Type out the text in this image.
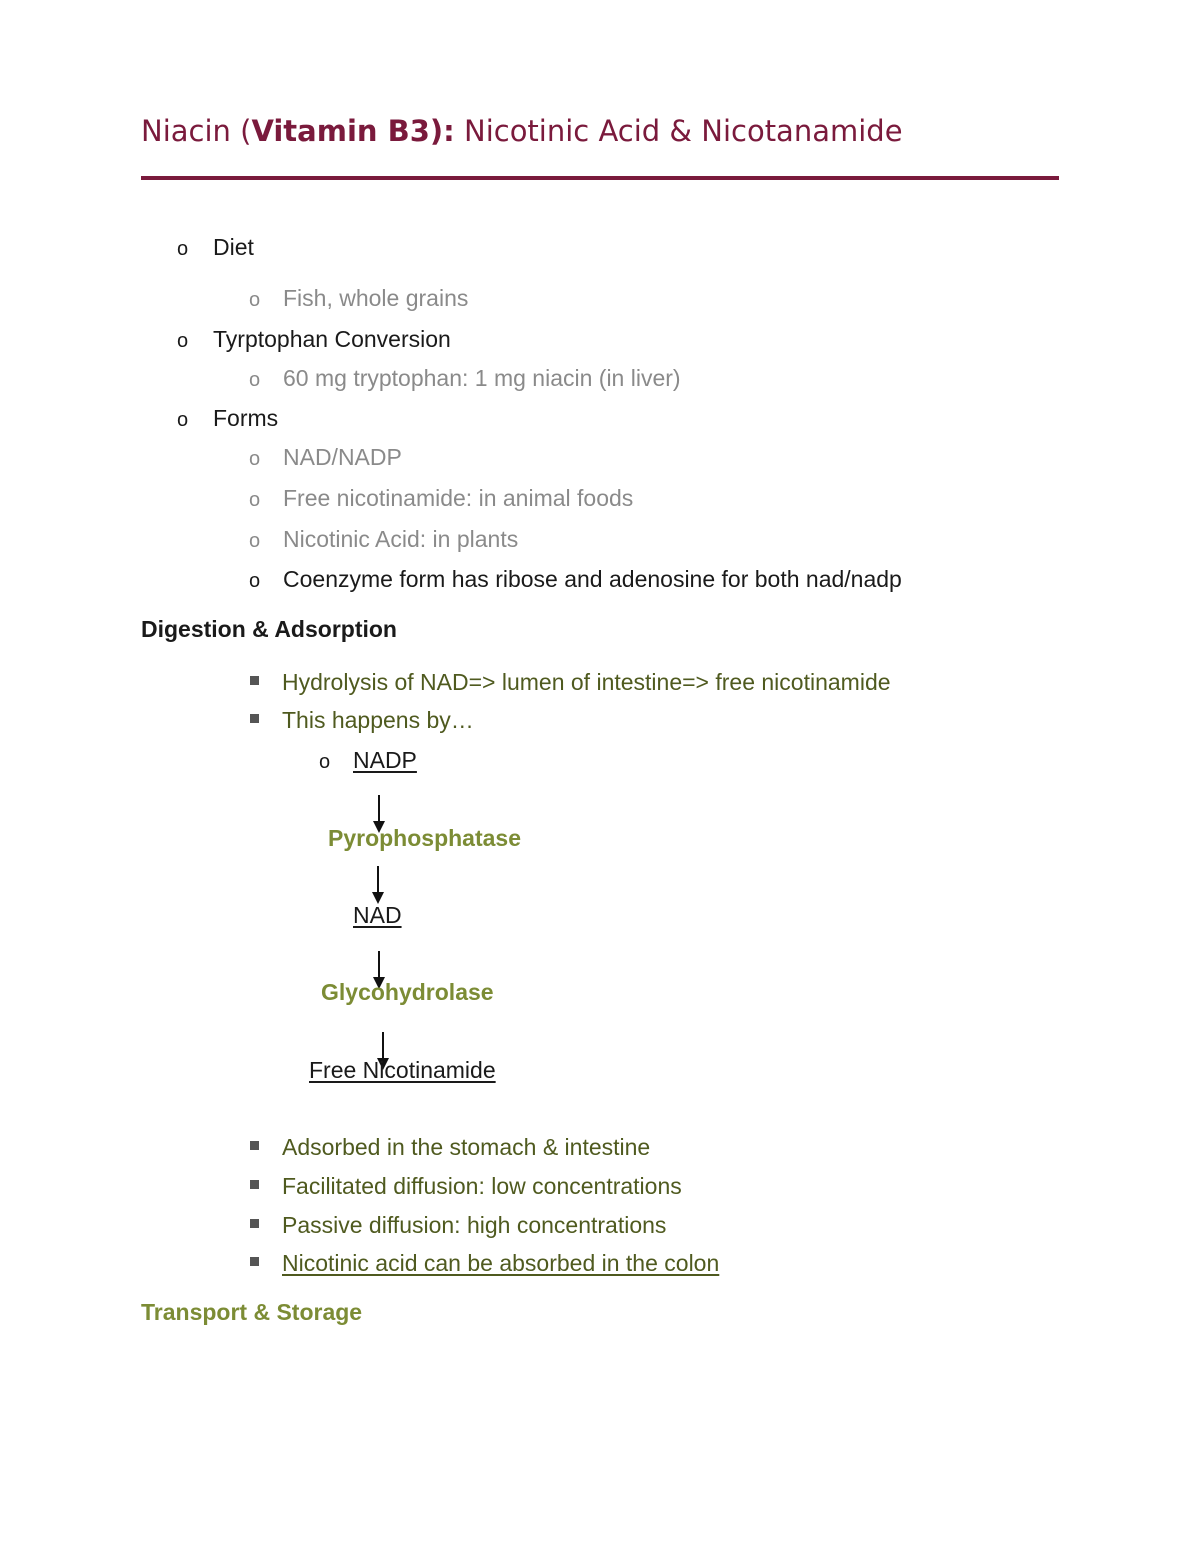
Niacin (Vitamin B3): Nicotinic Acid & Nicotanamide
o Diet
o Fish, whole grains
o Tyrptophan Conversion
o 60 mg tryptophan: 1 mg niacin (in liver)
o Forms
o NAD/NADP
o Free nicotinamide: in animal foods
o Nicotinic Acid: in plants
o Coenzyme form has ribose and adenosine for both nad/nadp
Digestion & Adsorption
Hydrolysis of NAD=> lumen of intestine=> free nicotinamide
This happens by…
o NADP
Pyrophosphatase
NAD
Glycohydrolase
Free Nicotinamide
Adsorbed in the stomach & intestine
Facilitated diffusion: low concentrations
Passive diffusion: high concentrations
Nicotinic acid can be absorbed in the colon
Transport & Storage
